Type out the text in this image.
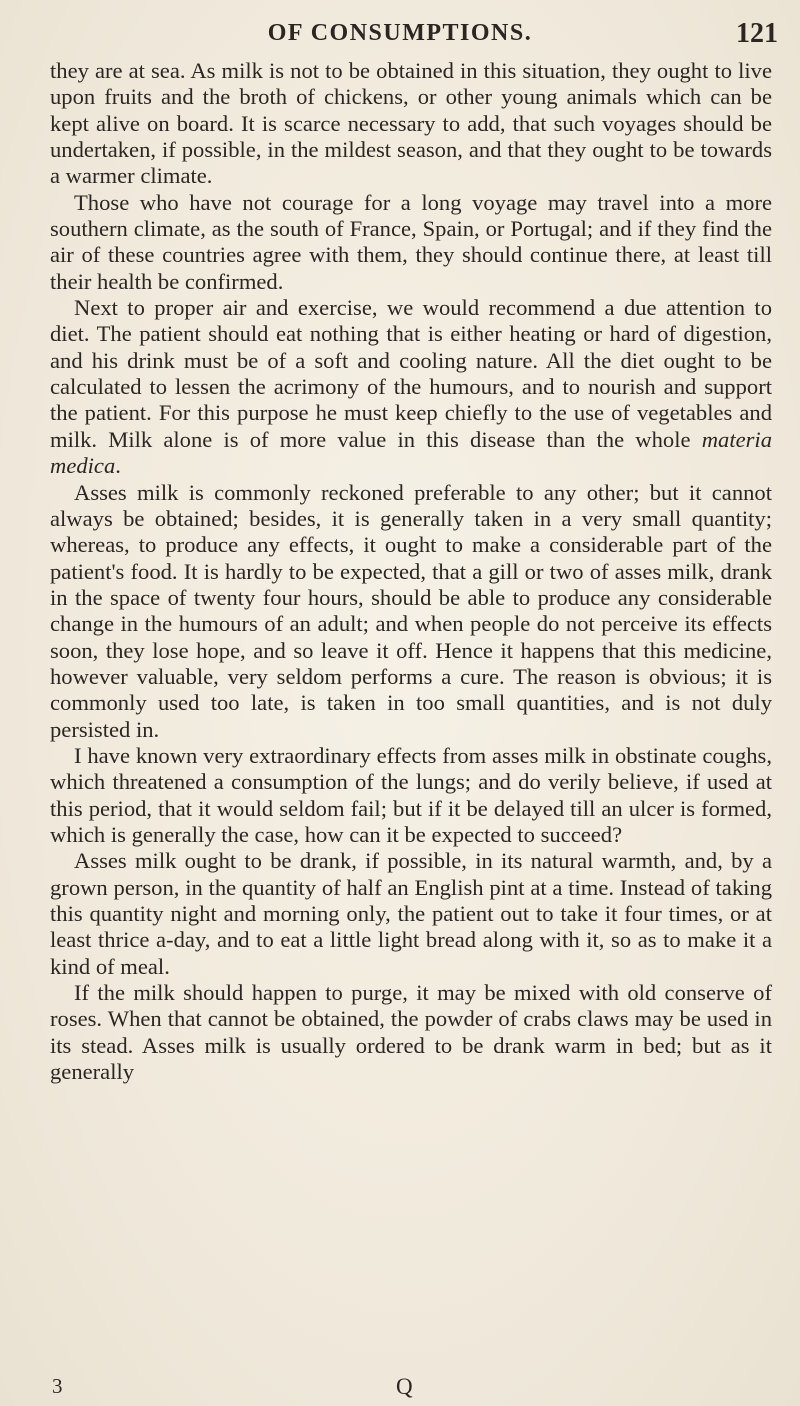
OF CONSUMPTIONS.	121

they are at sea. As milk is not to be obtained in this situation, they ought to live upon fruits and the broth of chickens, or other young animals which can be kept alive on board. It is scarce necessary to add, that such voyages should be undertaken, if possible, in the mildest season, and that they ought to be towards a warmer climate.

Those who have not courage for a long voyage may travel into a more southern climate, as the south of France, Spain, or Portugal; and if they find the air of these countries agree with them, they should continue there, at least till their health be confirmed.

Next to proper air and exercise, we would recommend a due attention to diet. The patient should eat nothing that is either heating or hard of digestion, and his drink must be of a soft and cooling nature. All the diet ought to be calculated to lessen the acrimony of the humours, and to nourish and support the patient. For this purpose he must keep chiefly to the use of vegetables and milk. Milk alone is of more value in this disease than the whole materia medica.

Asses milk is commonly reckoned preferable to any other; but it cannot always be obtained; besides, it is generally taken in a very small quantity; whereas, to produce any effects, it ought to make a considerable part of the patient's food. It is hardly to be expected, that a gill or two of asses milk, drank in the space of twenty four hours, should be able to produce any considerable change in the humours of an adult; and when people do not perceive its effects soon, they lose hope, and so leave it off. Hence it happens that this medicine, however valuable, very seldom performs a cure. The reason is obvious; it is commonly used too late, is taken in too small quantities, and is not duly persisted in.

I have known very extraordinary effects from asses milk in obstinate coughs, which threatened a consumption of the lungs; and do verily believe, if used at this period, that it would seldom fail; but if it be delayed till an ulcer is formed, which is generally the case, how can it be expected to succeed?

Asses milk ought to be drank, if possible, in its natural warmth, and, by a grown person, in the quantity of half an English pint at a time. Instead of taking this quantity night and morning only, the patient out to take it four times, or at least thrice a-day, and to eat a little light bread along with it, so as to make it a kind of meal.

If the milk should happen to purge, it may be mixed with old conserve of roses. When that cannot be obtained, the powder of crabs claws may be used in its stead. Asses milk is usually ordered to be drank warm in bed; but as it generally

3	Q
